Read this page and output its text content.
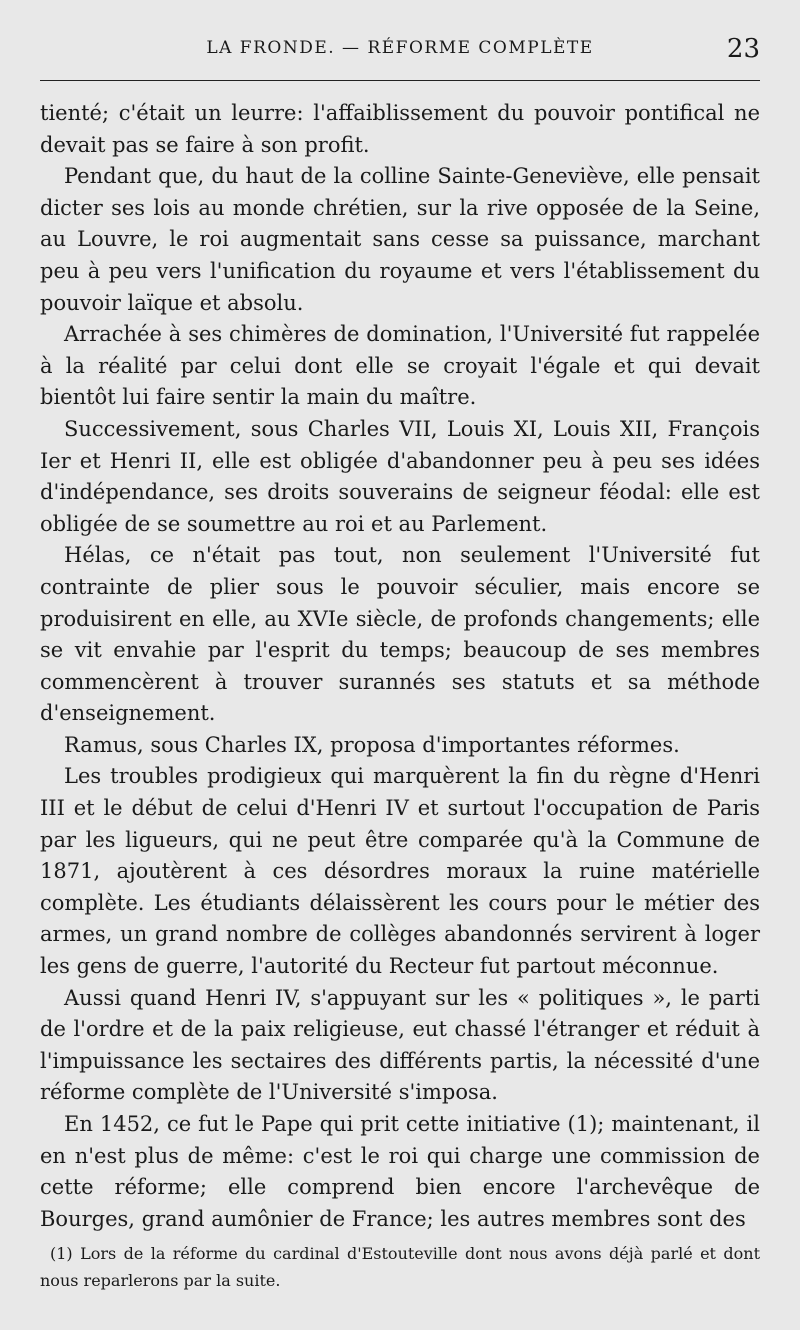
LA FRONDE. — RÉFORME COMPLÈTE	23

tienté; c'était un leurre: l'affaiblissement du pouvoir pontifical ne devait pas se faire à son profit.

Pendant que, du haut de la colline Sainte-Geneviève, elle pensait dicter ses lois au monde chrétien, sur la rive opposée de la Seine, au Louvre, le roi augmentait sans cesse sa puissance, marchant peu à peu vers l'unification du royaume et vers l'établissement du pouvoir laïque et absolu.

Arrachée à ses chimères de domination, l'Université fut rappelée à la réalité par celui dont elle se croyait l'égale et qui devait bientôt lui faire sentir la main du maître.

Successivement, sous Charles VII, Louis XI, Louis XII, François Ier et Henri II, elle est obligée d'abandonner peu à peu ses idées d'indépendance, ses droits souverains de seigneur féodal: elle est obligée de se soumettre au roi et au Parlement.

Hélas, ce n'était pas tout, non seulement l'Université fut contrainte de plier sous le pouvoir séculier, mais encore se produisirent en elle, au XVIe siècle, de profonds changements; elle se vit envahie par l'esprit du temps; beaucoup de ses membres commencèrent à trouver surannés ses statuts et sa méthode d'enseignement.

Ramus, sous Charles IX, proposa d'importantes réformes.

Les troubles prodigieux qui marquèrent la fin du règne d'Henri III et le début de celui d'Henri IV et surtout l'occupation de Paris par les ligueurs, qui ne peut être comparée qu'à la Commune de 1871, ajoutèrent à ces désordres moraux la ruine matérielle complète. Les étudiants délaissèrent les cours pour le métier des armes, un grand nombre de collèges abandonnés servirent à loger les gens de guerre, l'autorité du Recteur fut partout méconnue.

Aussi quand Henri IV, s'appuyant sur les « politiques », le parti de l'ordre et de la paix religieuse, eut chassé l'étranger et réduit à l'impuissance les sectaires des différents partis, la nécessité d'une réforme complète de l'Université s'imposa.

En 1452, ce fut le Pape qui prit cette initiative (1); maintenant, il en n'est plus de même: c'est le roi qui charge une commission de cette réforme; elle comprend bien encore l'archevêque de Bourges, grand aumônier de France; les autres membres sont des

(1) Lors de la réforme du cardinal d'Estouteville dont nous avons déjà parlé et dont nous reparlerons par la suite.
